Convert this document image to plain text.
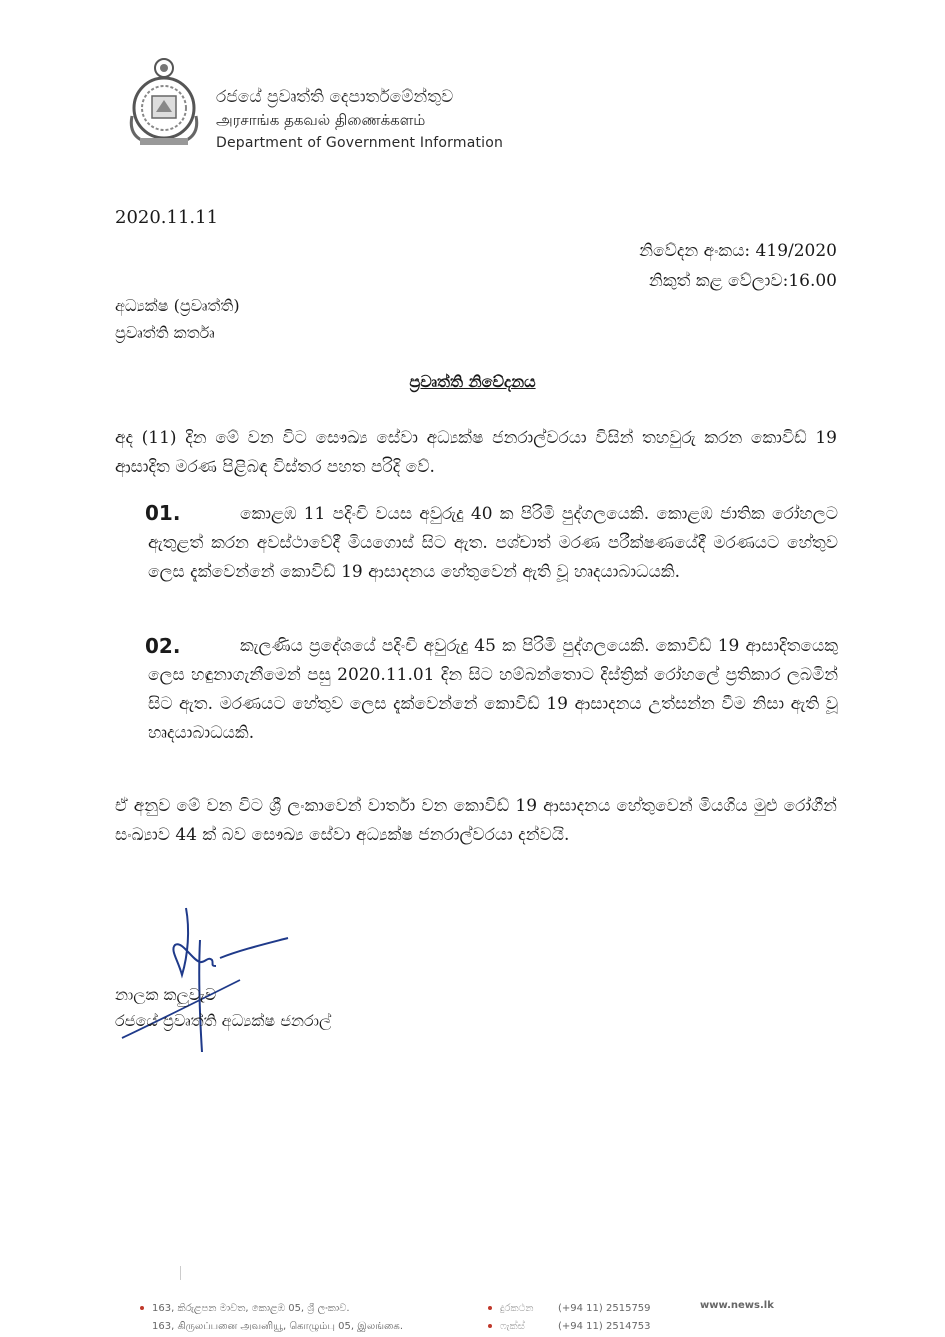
රජයේ ප්‍රවෘත්ති දෙපාර්තමේන්තුව
அரசாங்க தகவல் திணைக்களம்
Department of Government Information
2020.11.11
නිවේදන අංකය: 419/2020
නිකුත් කළ වේලාව:16.00
අධ්‍යක්ෂ (ප්‍රවෘත්ති)
ප්‍රවෘත්ති කර්තෘ
ප්‍රවෘත්ති නිවේදනය
අද (11) දින මේ වන විට සෞඛ්‍ය සේවා අධ්‍යක්ෂ ජනරාල්වරයා විසින් තහවුරු කරන කොවිඩ් 19 ආසාදිත මරණ පිළිබඳ විස්තර පහත පරිදි වේ.
01.	කොළඹ 11 පදිංචි වයස අවුරුදු 40 ක පිරිමි පුද්ගලයෙකි. කොළඹ ජාතික රෝහලට ඇතුළත් කරන අවස්ථාවේදී මියගොස් සිට ඇත. පශ්චාත් මරණ පරීක්ෂණයේදී මරණයට හේතුව ලෙස දැක්වෙන්නේ කොවිඩ් 19 ආසාදනය හේතුවෙන් ඇති වූ හෘදයාබාධයකි.
02.	කැලණිය ප්‍රදේශයේ පදිංචි අවුරුදු 45 ක පිරිමි පුද්ගලයෙකි. කොවිඩ් 19 ආසාදිතයෙකු ලෙස හඳුනාගැනීමෙන් පසු 2020.11.01 දින සිට හම්බන්තොට දිස්ත්‍රික් රෝහලේ ප්‍රතිකාර ලබමින් සිට ඇත. මරණයට හේතුව ලෙස දැක්වෙන්නේ කොවිඩ් 19 ආසාදනය උත්සන්න වීම නිසා ඇති වූ හෘදයාබාධයකි.
ඒ අනුව මේ වන විට ශ්‍රී ලංකාවෙන් වාර්තා වන කොවිඩ් 19 ආසාදනය හේතුවෙන් මියගිය මුළු රෝගීන් සංඛ්‍යාව 44 ක් බව සෞඛ්‍ය සේවා අධ්‍යක්ෂ ජනරාල්වරයා දන්වයි.
නාලක කලුවැව
රජයේ ප්‍රවෘත්ති අධ්‍යක්ෂ ජනරාල්
163, කිරුළපන මාවත, කොළඹ 05, ශ්‍රී ලංකාව.
163, கிருலப்பனை அவனியூ, கொழும்பு 05, இலங்கை.
දුරකථන (+94 11) 2515759
ෆැක්ස්	(+94 11) 2514753
www.news.lk
